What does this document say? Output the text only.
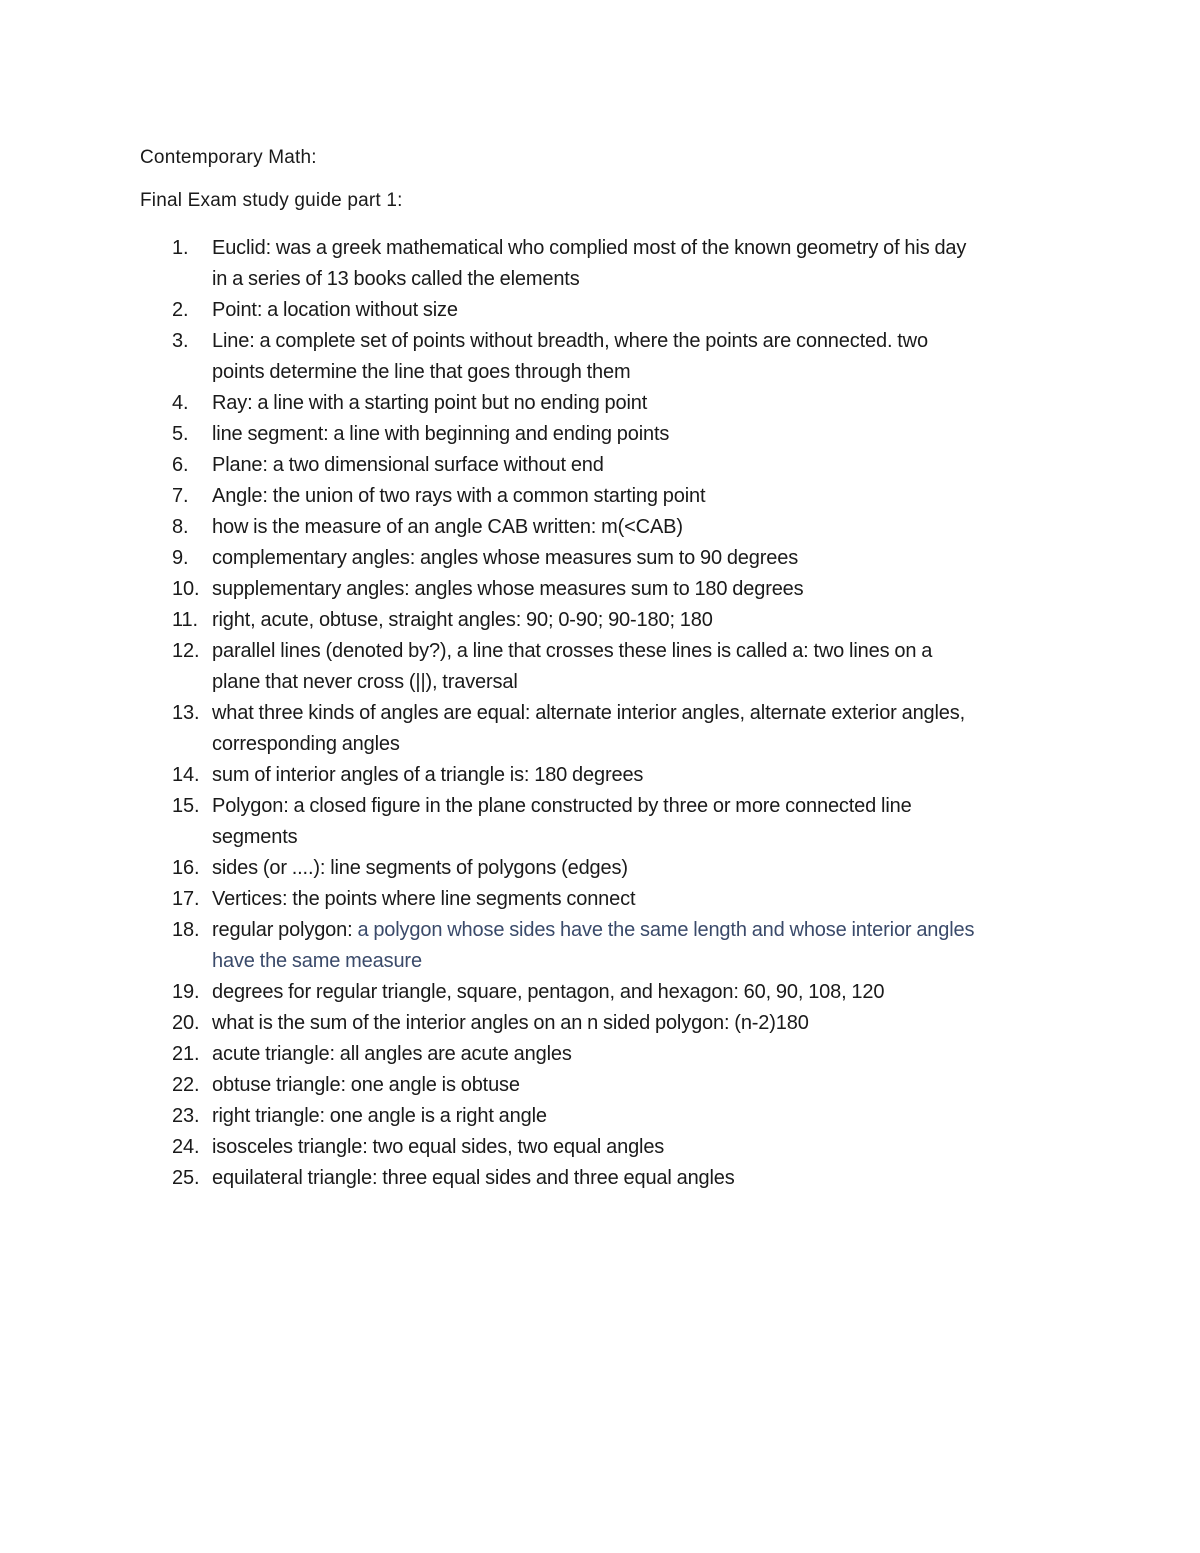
Contemporary Math:
Final Exam study guide part 1:
1. Euclid: was a greek mathematical who complied most of the known geometry of his day
in a series of 13 books called the elements
2. Point: a location without size
3. Line: a complete set of points without breadth, where the points are connected. two
points determine the line that goes through them
4. Ray: a line with a starting point but no ending point
5. line segment: a line with beginning and ending points
6. Plane: a two dimensional surface without end
7. Angle: the union of two rays with a common starting point
8. how is the measure of an angle CAB written: m(<CAB)
9. complementary angles: angles whose measures sum to 90 degrees
10. supplementary angles: angles whose measures sum to 180 degrees
11. right, acute, obtuse, straight angles: 90; 0-90; 90-180; 180
12. parallel lines (denoted by?), a line that crosses these lines is called a: two lines on a
plane that never cross (||), traversal
13. what three kinds of angles are equal: alternate interior angles, alternate exterior angles,
corresponding angles
14. sum of interior angles of a triangle is: 180 degrees
15. Polygon: a closed figure in the plane constructed by three or more connected line
segments
16. sides (or ....): line segments of polygons (edges)
17. Vertices: the points where line segments connect
18. regular polygon: a polygon whose sides have the same length and whose interior angles
have the same measure
19. degrees for regular triangle, square, pentagon, and hexagon: 60, 90, 108, 120
20. what is the sum of the interior angles on an n sided polygon: (n-2)180
21. acute triangle: all angles are acute angles
22. obtuse triangle: one angle is obtuse
23. right triangle: one angle is a right angle
24. isosceles triangle: two equal sides, two equal angles
25. equilateral triangle: three equal sides and three equal angles
